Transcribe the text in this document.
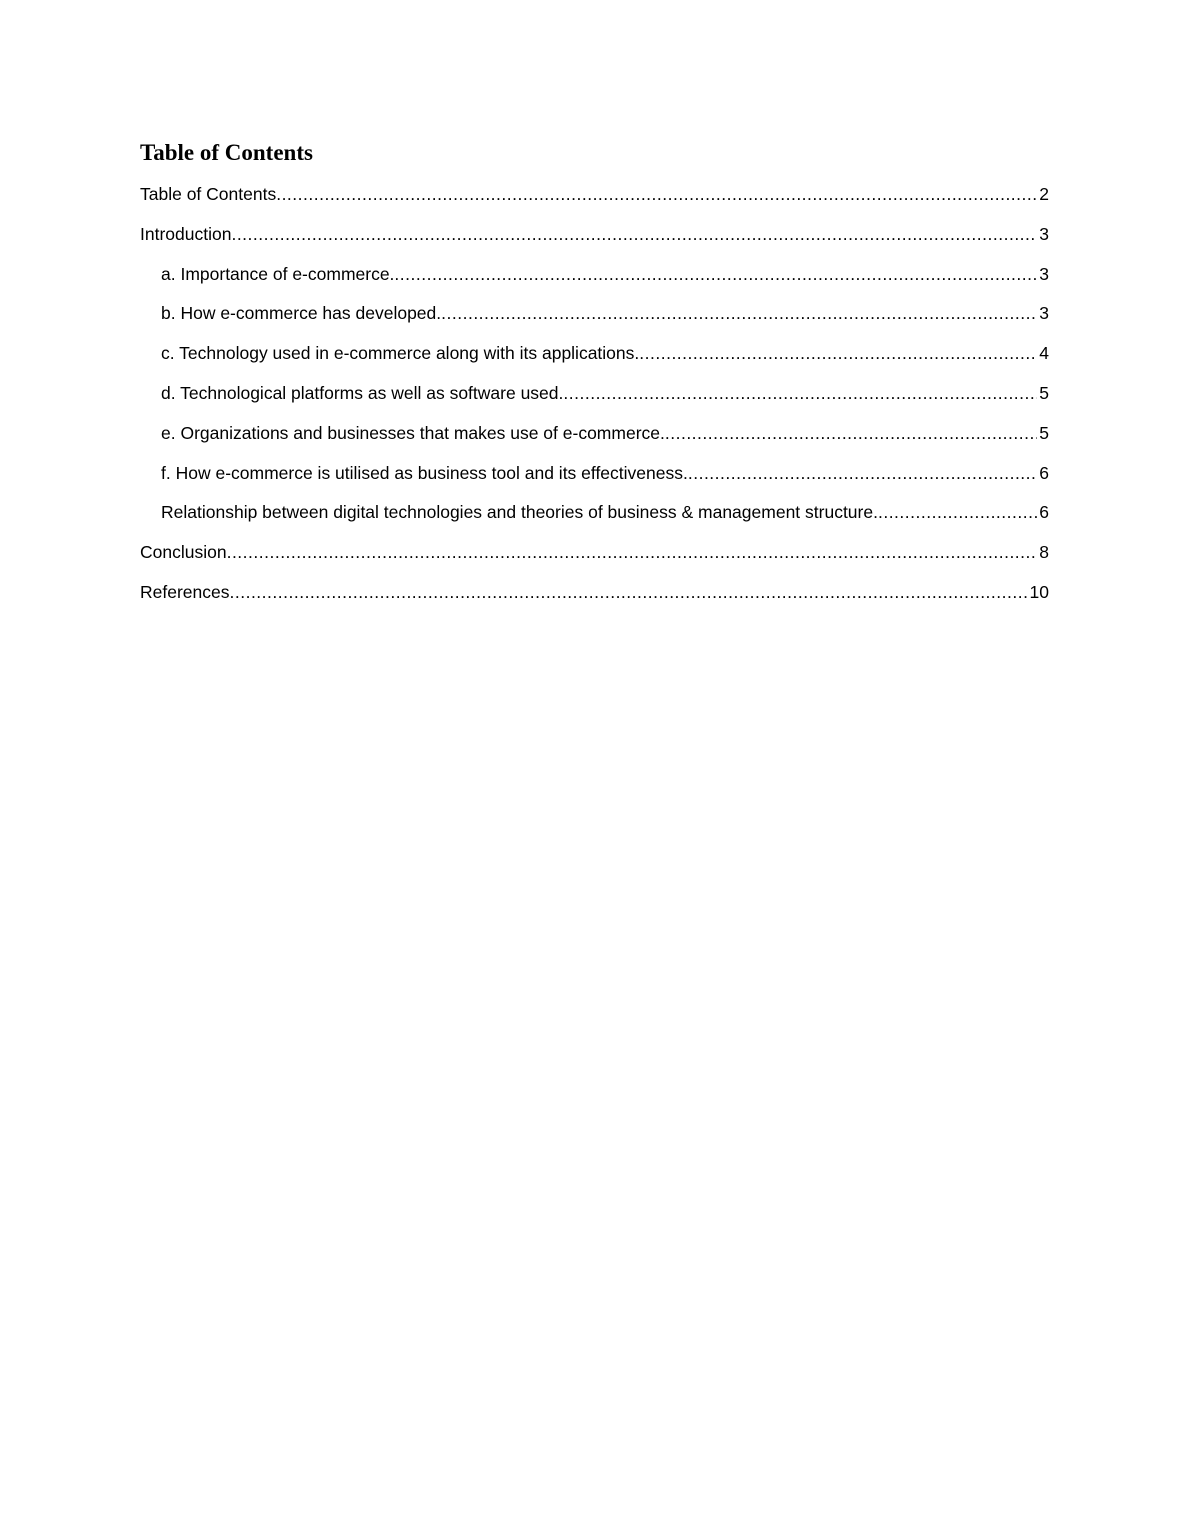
Table of Contents
Table of Contents .....	2
Introduction .....	3
a. Importance of e-commerce. .....	3
b. How e-commerce has developed. .....	3
c. Technology used in e-commerce along with its applications. .....	4
d. Technological platforms as well as software used. .....	5
e. Organizations and businesses that makes use of e-commerce. .....	5
f. How e-commerce is utilised as business tool and its effectiveness. .....	6
Relationship between digital technologies and theories of business & management structure. .....	6
Conclusion .....	8
References .....	10
